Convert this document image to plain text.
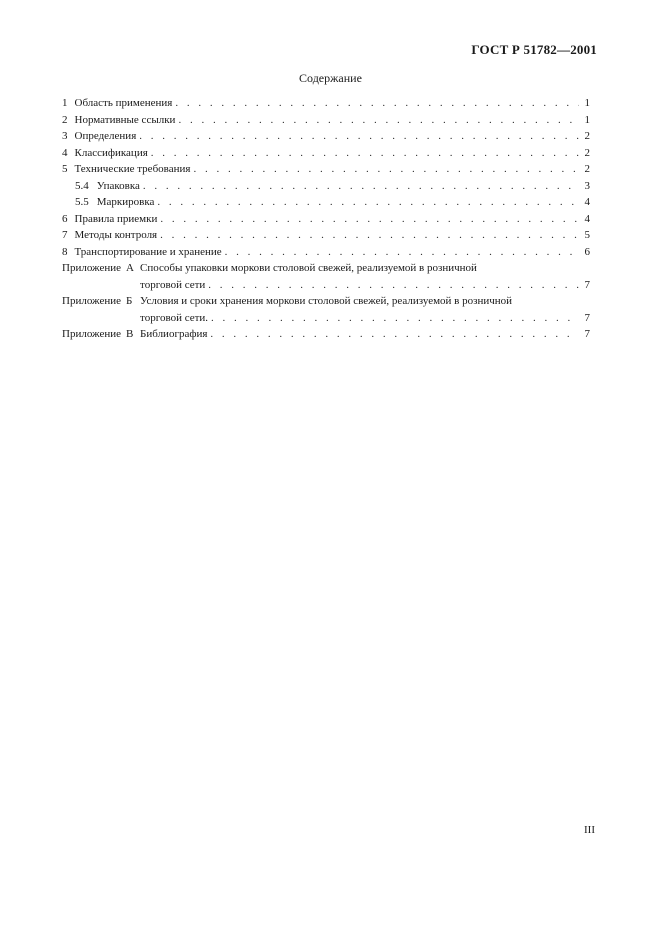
ГОСТ Р 51782—2001
Содержание
1 Область применения . . .	1
2 Нормативные ссылки . . .	1
3 Определения . . .	2
4 Классификация . . .	2
5 Технические требования . . .	2
5.4 Упаковка . . .	3
5.5 Маркировка . . .	4
6 Правила приемки . . .	4
7 Методы контроля . . .	5
8 Транспортирование и хранение . . .	6
Приложение А Способы упаковки моркови столовой свежей, реализуемой в розничной
торговой сети . . .	7
Приложение Б Условия и сроки хранения моркови столовой свежей, реализуемой в розничной
торговой сети. . . .	7
Приложение В Библиография . . .	7
III
